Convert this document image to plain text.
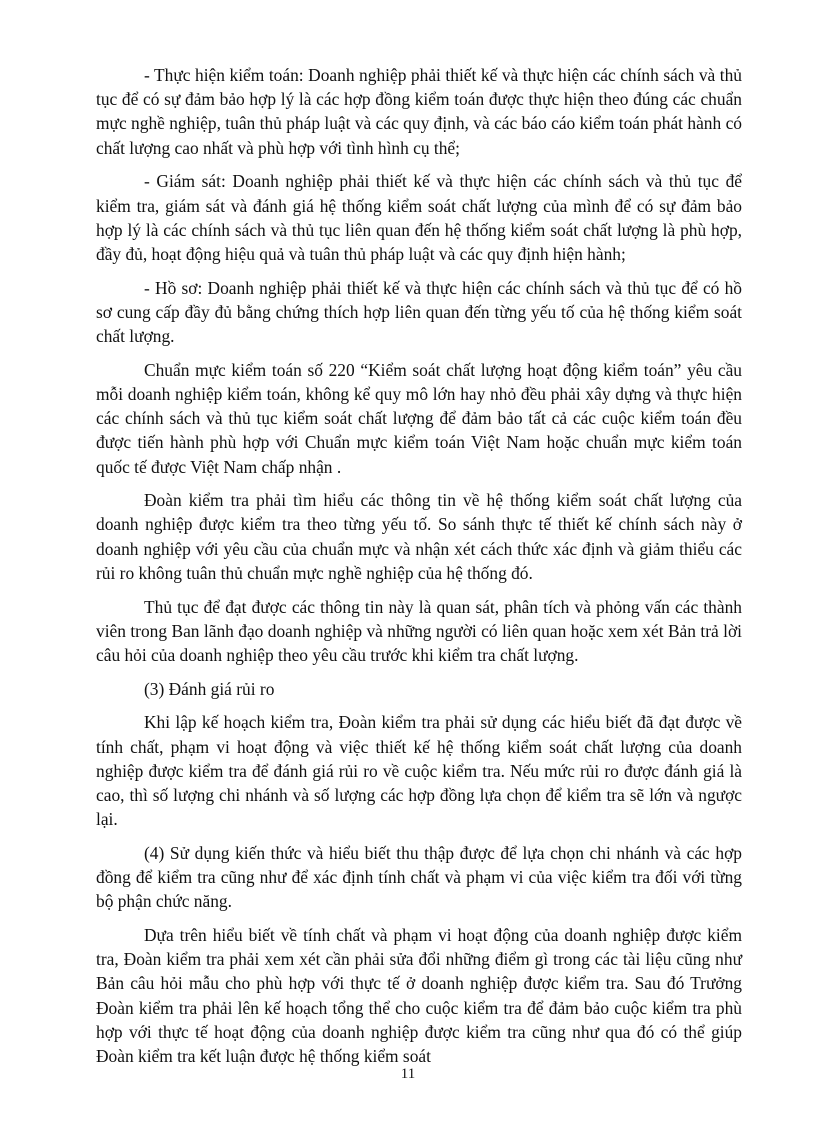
- Thực hiện kiểm toán: Doanh nghiệp phải thiết kế và thực hiện các chính sách và thủ tục để có sự đảm bảo hợp lý là các hợp đồng kiểm toán được thực hiện theo đúng các chuẩn mực nghề nghiệp, tuân thủ pháp luật và các quy định, và các báo cáo kiểm toán phát hành có chất lượng cao nhất và phù hợp với tình hình cụ thể;

- Giám sát: Doanh nghiệp phải thiết kế và thực hiện các chính sách và thủ tục để kiểm tra, giám sát và đánh giá hệ thống kiểm soát chất lượng của mình để có sự đảm bảo hợp lý là các chính sách và thủ tục liên quan đến hệ thống kiểm soát chất lượng là phù hợp, đầy đủ, hoạt động hiệu quả và tuân thủ pháp luật và các quy định hiện hành;

- Hồ sơ: Doanh nghiệp phải thiết kế và thực hiện các chính sách và thủ tục để có hồ sơ cung cấp đầy đủ bằng chứng thích hợp liên quan đến từng yếu tố của hệ thống kiểm soát chất lượng.

Chuẩn mực kiểm toán số 220 “Kiểm soát chất lượng hoạt động kiểm toán” yêu cầu mỗi doanh nghiệp kiểm toán, không kể quy mô lớn hay nhỏ đều phải xây dựng và thực hiện các chính sách và thủ tục kiểm soát chất lượng để đảm bảo tất cả các cuộc kiểm toán đều được tiến hành phù hợp với Chuẩn mực kiểm toán Việt Nam hoặc chuẩn mực kiểm toán quốc tế được Việt Nam chấp nhận .

Đoàn kiểm tra phải tìm hiểu các thông tin về hệ thống kiểm soát chất lượng của doanh nghiệp được kiểm tra theo từng yếu tố. So sánh thực tế thiết kế chính sách này ở doanh nghiệp với yêu cầu của chuẩn mực và nhận xét cách thức xác định và giảm thiểu các rủi ro không tuân thủ chuẩn mực nghề nghiệp của hệ thống đó.

Thủ tục để đạt được các thông tin này là quan sát, phân tích và phỏng vấn các thành viên trong Ban lãnh đạo doanh nghiệp và những người có liên quan hoặc xem xét Bản trả lời câu hỏi của doanh nghiệp theo yêu cầu trước khi kiểm tra chất lượng.

(3) Đánh giá rủi ro

Khi lập kế hoạch kiểm tra, Đoàn kiểm tra phải sử dụng các hiểu biết đã đạt được về tính chất, phạm vi hoạt động và việc thiết kế hệ thống kiểm soát chất lượng của doanh nghiệp được kiểm tra để đánh giá rủi ro về cuộc kiểm tra. Nếu mức rủi ro được đánh giá là cao, thì số lượng chi nhánh và số lượng các hợp đồng lựa chọn để kiểm tra sẽ lớn và ngược lại.

(4) Sử dụng kiến thức và hiểu biết thu thập được để lựa chọn chi nhánh và các hợp đồng để kiểm tra cũng như để xác định tính chất và phạm vi của việc kiểm tra đối với từng bộ phận chức năng.

Dựa trên hiểu biết về tính chất và phạm vi hoạt động của doanh nghiệp được kiểm tra, Đoàn kiểm tra phải xem xét cần phải sửa đổi những điểm gì trong các tài liệu cũng như Bản câu hỏi mẫu cho phù hợp với thực tế ở doanh nghiệp được kiểm tra. Sau đó Trưởng Đoàn kiểm tra phải lên kế hoạch tổng thể cho cuộc kiểm tra để đảm bảo cuộc kiểm tra phù hợp với thực tế hoạt động của doanh nghiệp được kiểm tra cũng như qua đó có thể giúp Đoàn kiểm tra kết luận được hệ thống kiểm soát

11
